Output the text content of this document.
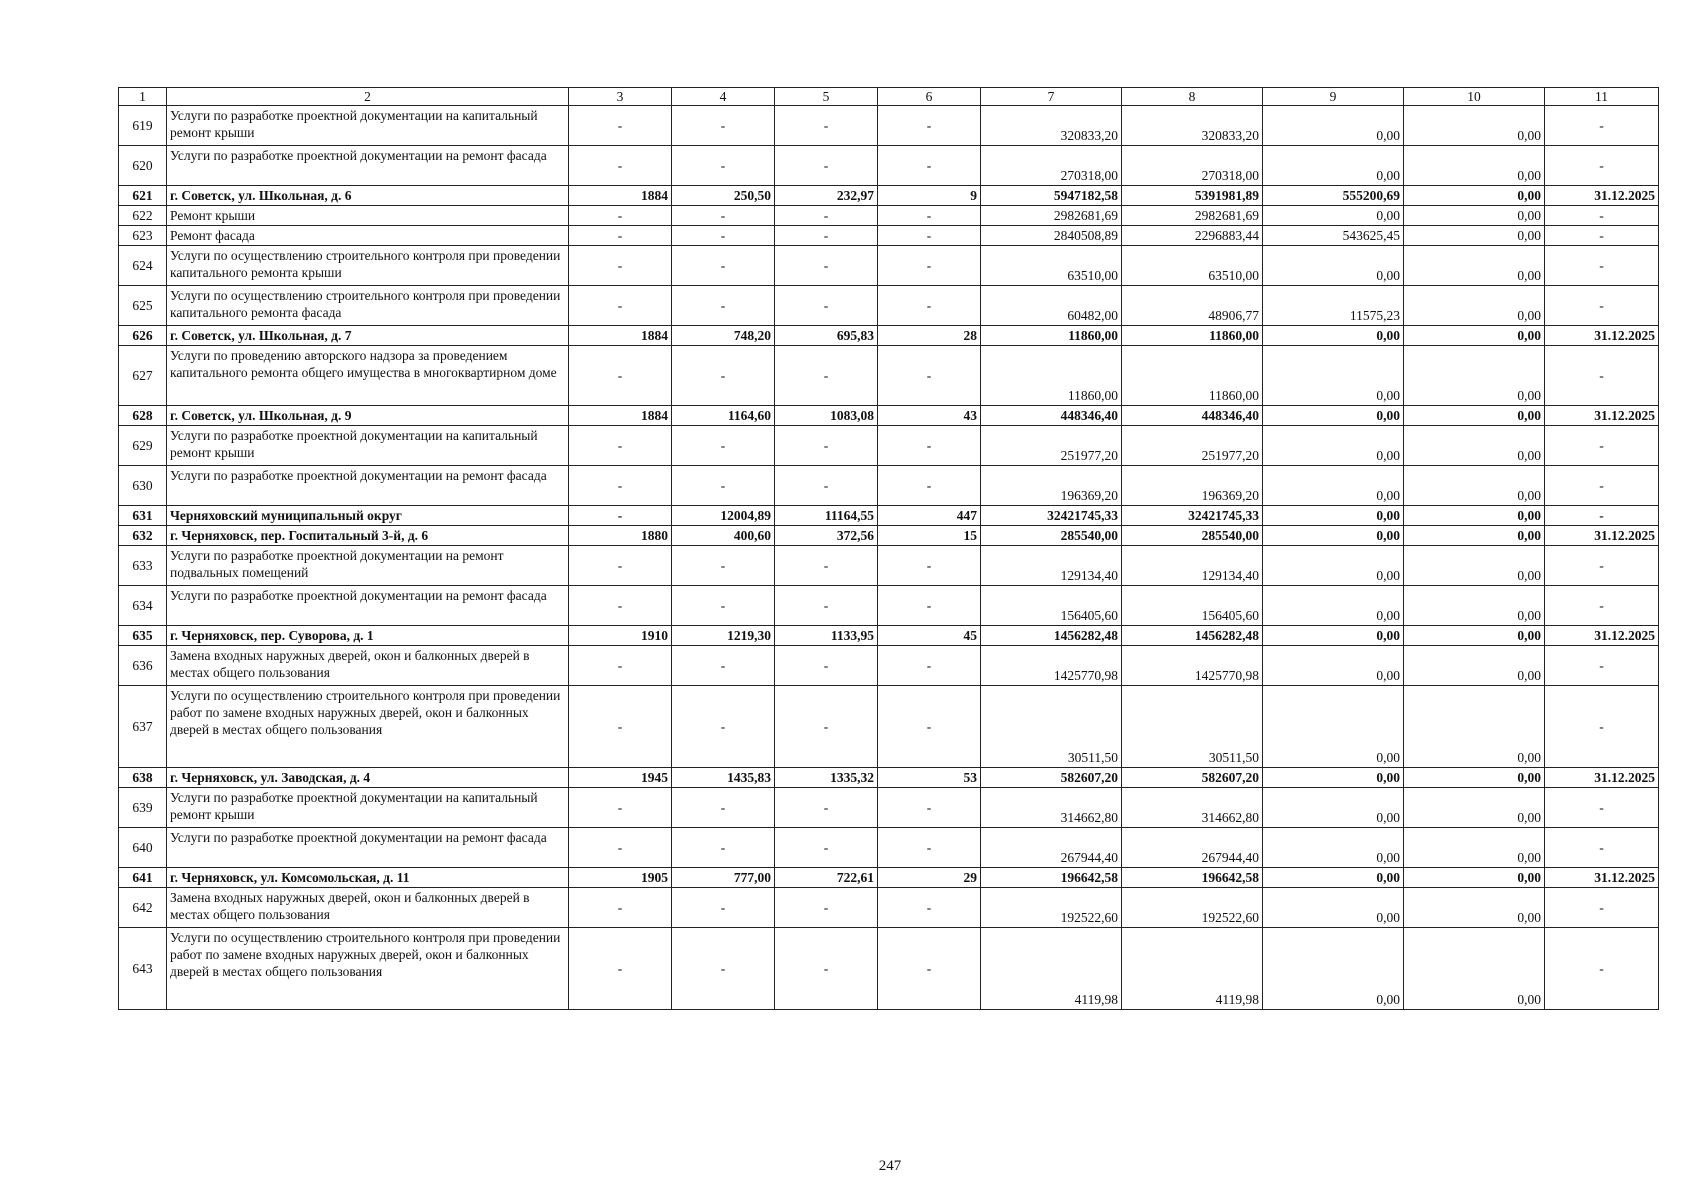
1	2	3	4	5	6	7	8	9	10	11
619	Услуги по разработке проектной документации на капитальный ремонт крыши	-	-	-	-	320833,20	320833,20	0,00	0,00	-
620	Услуги по разработке проектной документации на ремонт фасада	-	-	-	-	270318,00	270318,00	0,00	0,00	-
621	г. Советск, ул. Школьная, д. 6	1884	250,50	232,97	9	5947182,58	5391981,89	555200,69	0,00	31.12.2025
622	Ремонт крыши	-	-	-	-	2982681,69	2982681,69	0,00	0,00	-
623	Ремонт фасада	-	-	-	-	2840508,89	2296883,44	543625,45	0,00	-
624	Услуги по осуществлению строительного контроля при проведении капитального ремонта крыши	-	-	-	-	63510,00	63510,00	0,00	0,00	-
625	Услуги по осуществлению строительного контроля при проведении капитального ремонта фасада	-	-	-	-	60482,00	48906,77	11575,23	0,00	-
626	г. Советск, ул. Школьная, д. 7	1884	748,20	695,83	28	11860,00	11860,00	0,00	0,00	31.12.2025
627	Услуги по проведению авторского надзора за проведением капитального ремонта общего имущества в многоквартирном доме	-	-	-	-	11860,00	11860,00	0,00	0,00	-
628	г. Советск, ул. Школьная, д. 9	1884	1164,60	1083,08	43	448346,40	448346,40	0,00	0,00	31.12.2025
629	Услуги по разработке проектной документации на капитальный ремонт крыши	-	-	-	-	251977,20	251977,20	0,00	0,00	-
630	Услуги по разработке проектной документации на ремонт фасада	-	-	-	-	196369,20	196369,20	0,00	0,00	-
631	Черняховский муниципальный округ	-	12004,89	11164,55	447	32421745,33	32421745,33	0,00	0,00	-
632	г. Черняховск, пер. Госпитальный 3-й, д. 6	1880	400,60	372,56	15	285540,00	285540,00	0,00	0,00	31.12.2025
633	Услуги по разработке проектной документации на ремонт подвальных помещений	-	-	-	-	129134,40	129134,40	0,00	0,00	-
634	Услуги по разработке проектной документации на ремонт фасада	-	-	-	-	156405,60	156405,60	0,00	0,00	-
635	г. Черняховск, пер. Суворова, д. 1	1910	1219,30	1133,95	45	1456282,48	1456282,48	0,00	0,00	31.12.2025
636	Замена входных наружных дверей, окон и балконных дверей в местах общего пользования	-	-	-	-	1425770,98	1425770,98	0,00	0,00	-
637	Услуги по осуществлению строительного контроля при проведении работ по замене входных наружных дверей, окон и балконных дверей в местах общего пользования	-	-	-	-	30511,50	30511,50	0,00	0,00	-
638	г. Черняховск, ул. Заводская, д. 4	1945	1435,83	1335,32	53	582607,20	582607,20	0,00	0,00	31.12.2025
639	Услуги по разработке проектной документации на капитальный ремонт крыши	-	-	-	-	314662,80	314662,80	0,00	0,00	-
640	Услуги по разработке проектной документации на ремонт фасада	-	-	-	-	267944,40	267944,40	0,00	0,00	-
641	г. Черняховск, ул. Комсомольская, д. 11	1905	777,00	722,61	29	196642,58	196642,58	0,00	0,00	31.12.2025
642	Замена входных наружных дверей, окон и балконных дверей в местах общего пользования	-	-	-	-	192522,60	192522,60	0,00	0,00	-
643	Услуги по осуществлению строительного контроля при проведении работ по замене входных наружных дверей, окон и балконных дверей в местах общего пользования	-	-	-	-	4119,98	4119,98	0,00	0,00	-
247
